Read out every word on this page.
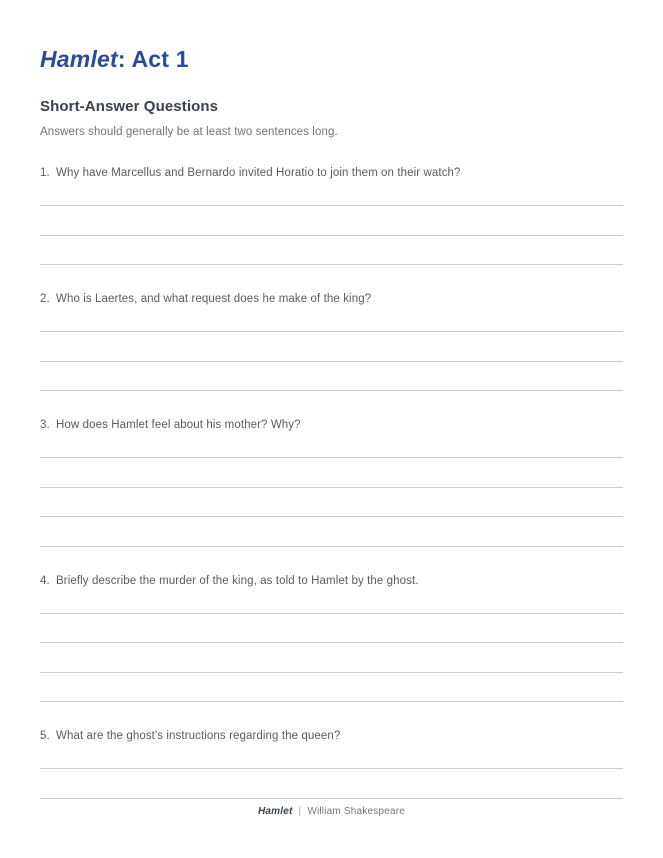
Hamlet: Act 1
Short-Answer Questions

Answers should generally be at least two sentences long.

1. Why have Marcellus and Bernardo invited Horatio to join them on their watch?
2. Who is Laertes, and what request does he make of the king?
3. How does Hamlet feel about his mother? Why?
4. Briefly describe the murder of the king, as told to Hamlet by the ghost.
5. What are the ghost's instructions regarding the queen?
Hamlet | William Shakespeare
